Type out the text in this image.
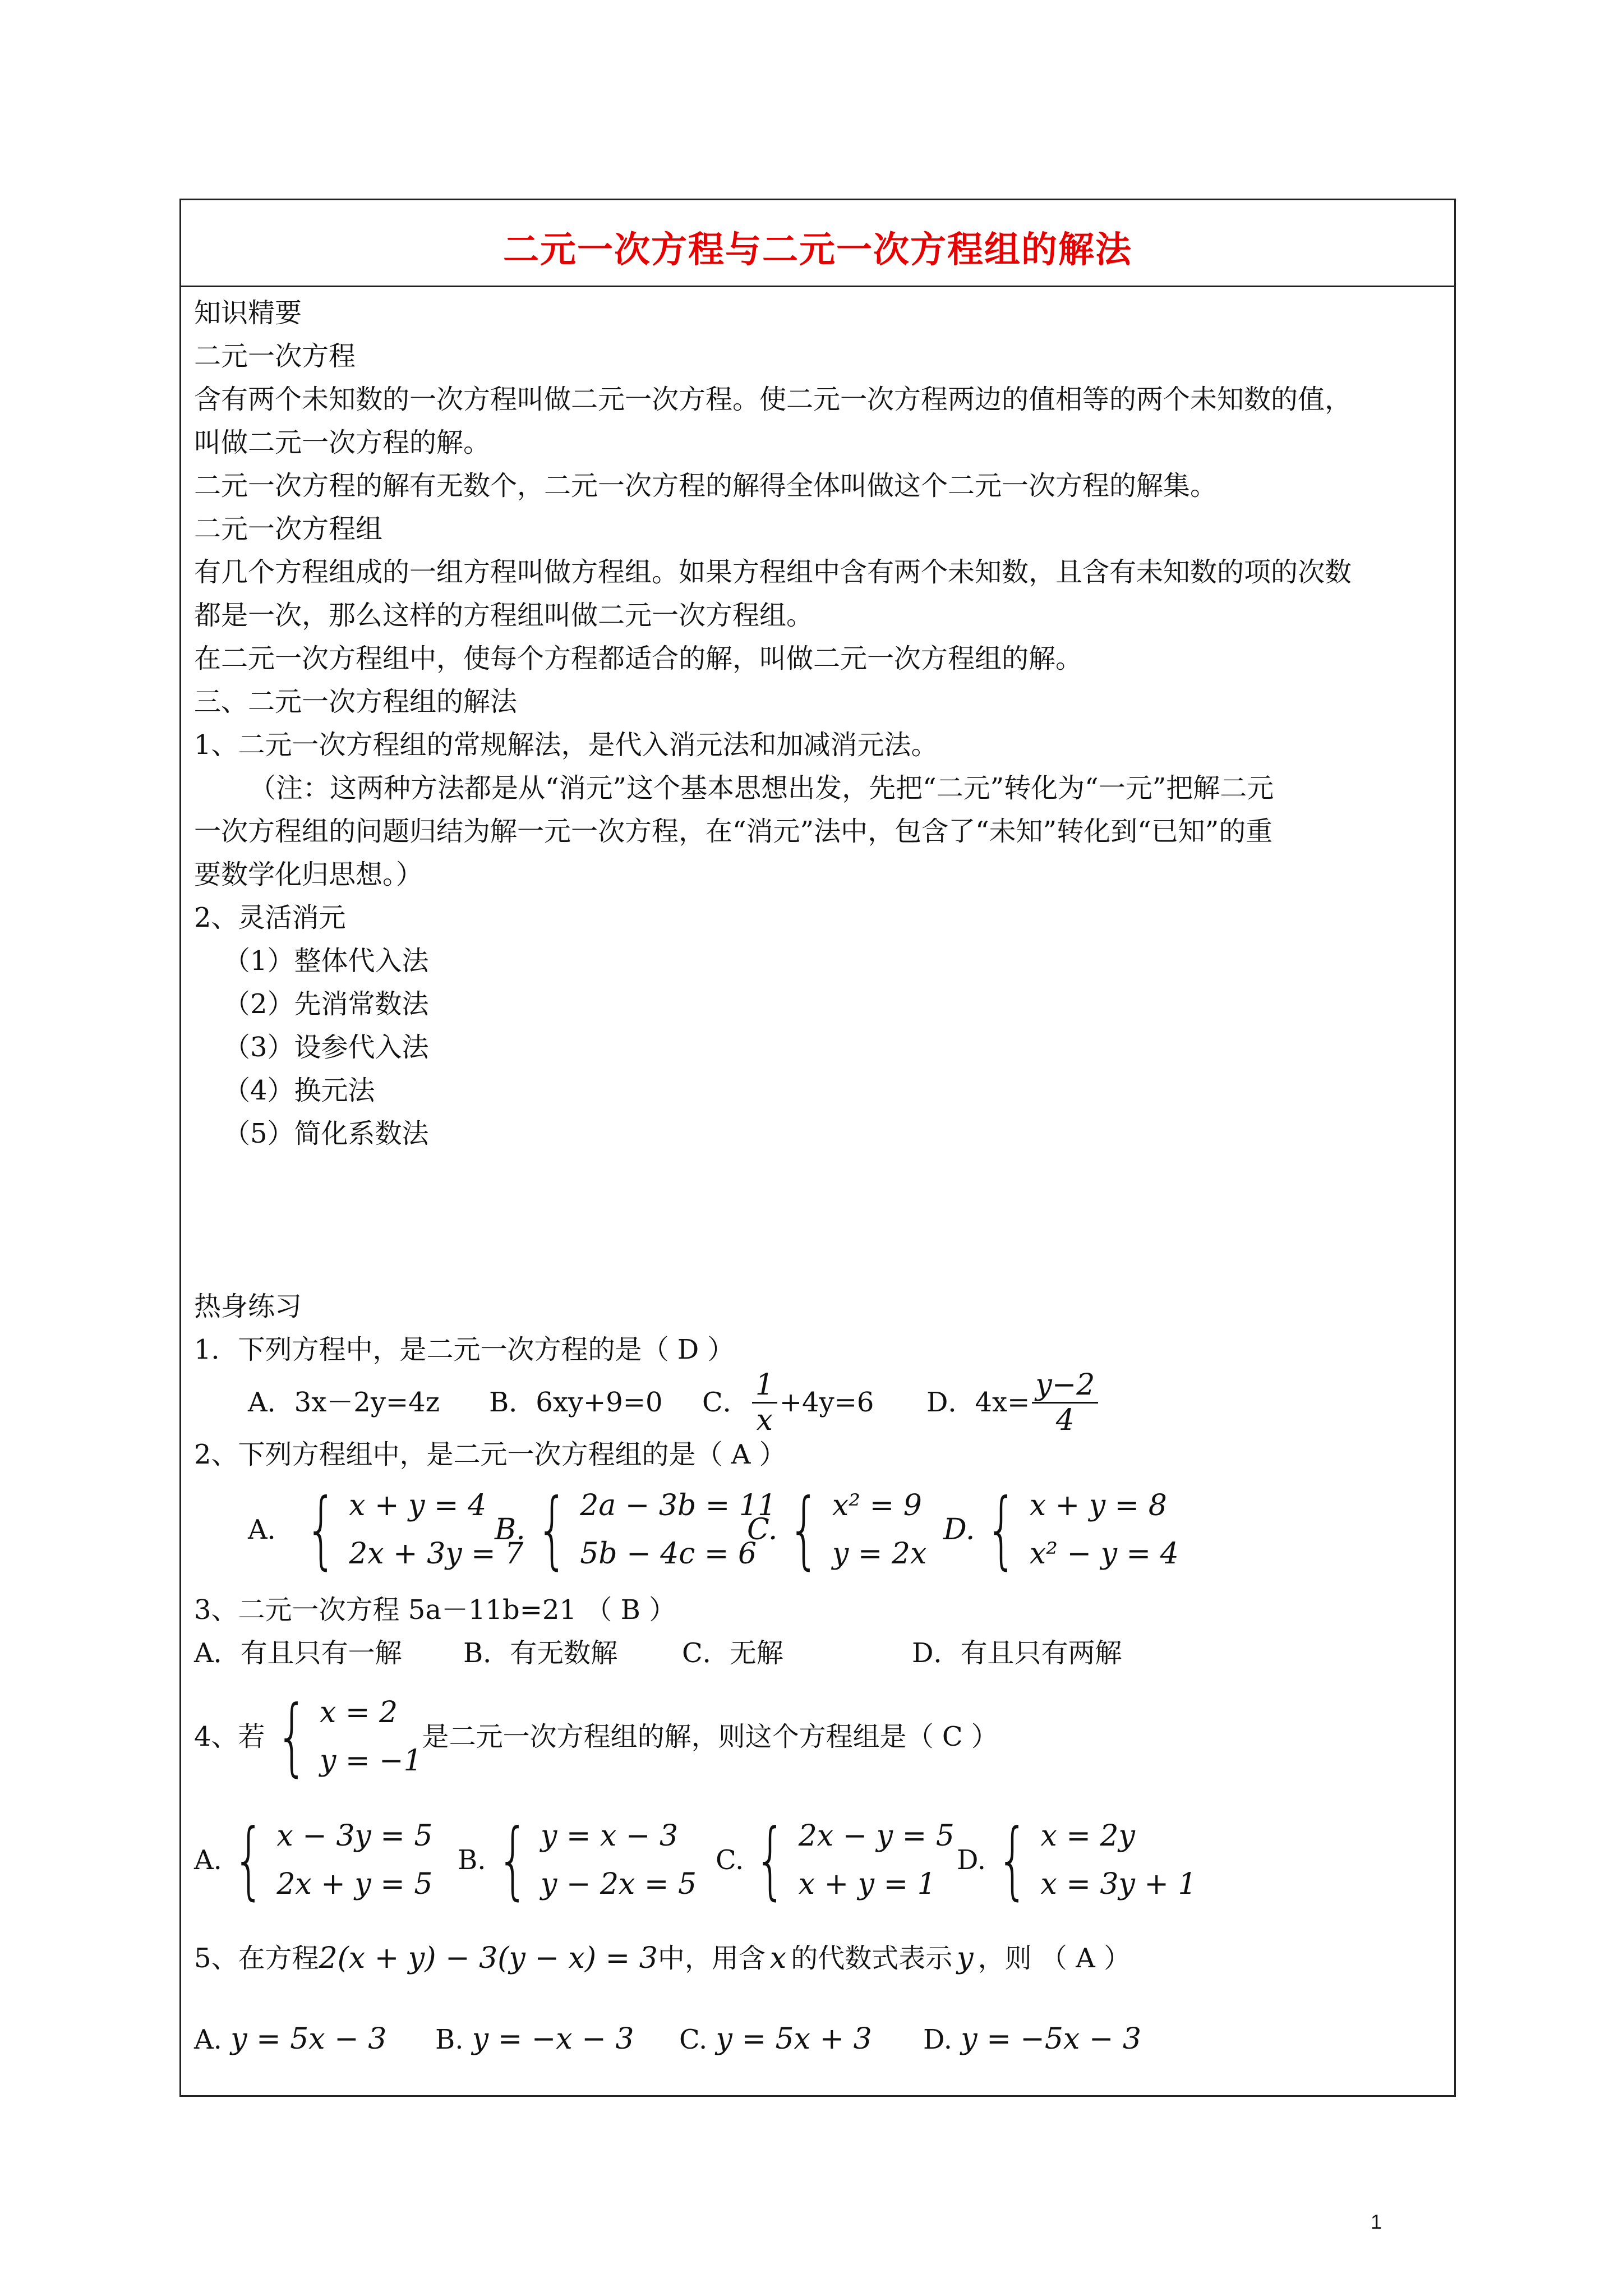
二元一次方程与二元一次方程组的解法
知识精要
二元一次方程
含有两个未知数的一次方程叫做二元一次方程。使二元一次方程两边的值相等的两个未知数的值，
叫做二元一次方程的解。
二元一次方程的解有无数个，二元一次方程的解得全体叫做这个二元一次方程的解集。
二元一次方程组
有几个方程组成的一组方程叫做方程组。如果方程组中含有两个未知数，且含有未知数的项的次数
都是一次，那么这样的方程组叫做二元一次方程组。
在二元一次方程组中，使每个方程都适合的解，叫做二元一次方程组的解。
三、二元一次方程组的解法
1、二元一次方程组的常规解法，是代入消元法和加减消元法。
（注：这两种方法都是从“消元”这个基本思想出发，先把“二元”转化为“一元”把解二元
一次方程组的问题归结为解一元一次方程，在“消元”法中，包含了“未知”转化到“已知”的重
要数学化归思想。）
2、灵活消元
（1）整体代入法
（2）先消常数法
（3）设参代入法
（4）换元法
（5）简化系数法
热身练习
1．下列方程中，是二元一次方程的是（ D ）
A．3x－2y=4z	B．6xy+9=0	C． $\frac{1}{x} +4y=6$ D．$4x= \frac{y-2}{4}$
2、下列方程组中，是二元一次方程组的是（ A ）
A． { x + y = 4
2x + 3y = 7
B. { 2a − 3b = 11
5b − 4c = 6
C. { x² = 9
y = 2x
D. { x + y = 8
x² − y = 4
3、二元一次方程 5a－11b=21 （ B ）
A．有且只有一解	B．有无数解	C．无解	D．有且只有两解
4、若 { x = 2
y = −1
是二元一次方程组的解，则这个方程组是（ C ）
A. { x − 3y = 5
2x + y = 5
B. { y = x − 3
y − 2x = 5
C. { 2x − y = 5
x + y = 1
D. { x = 2y
x = 3y + 1
5、在方程 2(x + y) − 3(y − x) = 3 中，用含 x 的代数式表示 y ，则 （ A ）
A. y = 5x − 3	B. y = −x − 3	C. y = 5x + 3	D. y = −5x − 3
1
